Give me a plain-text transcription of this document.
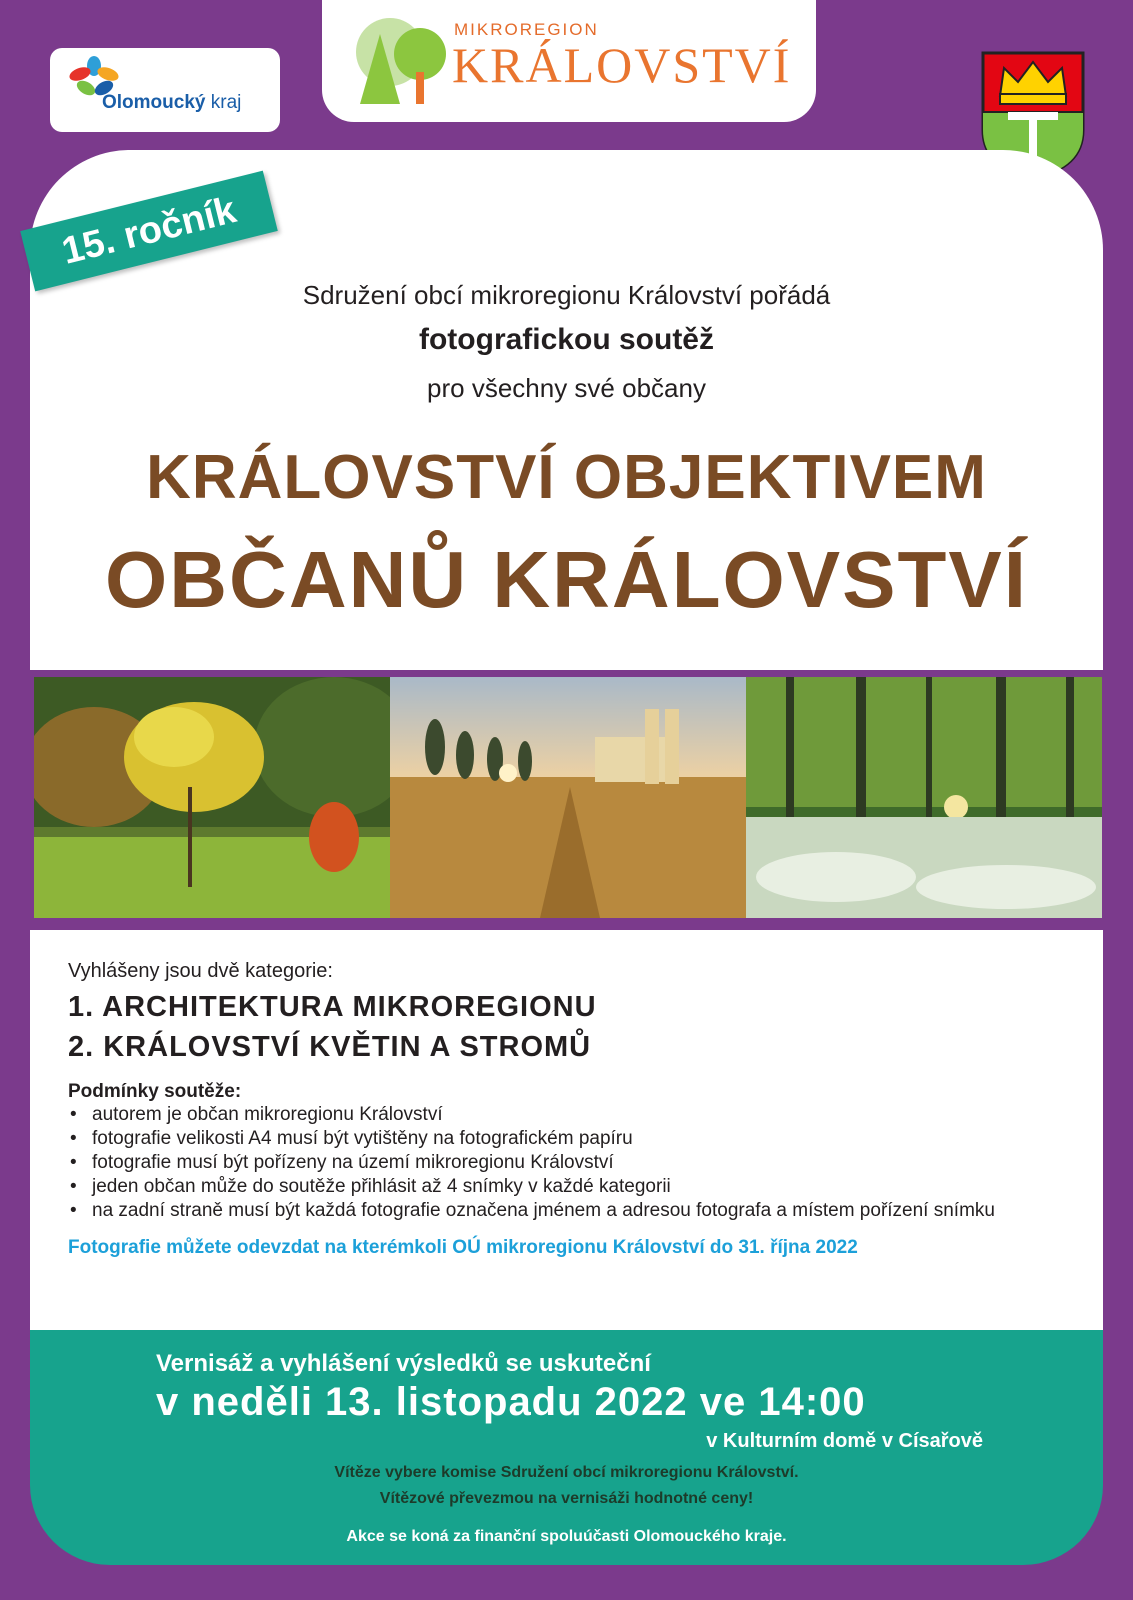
Olomoucký kraj
MIKROREGION
KRÁLOVSTVÍ
15. ročník
Sdružení obcí mikroregionu Království pořádá
fotografickou soutěž
pro všechny své občany
KRÁLOVSTVÍ OBJEKTIVEM
OBČANŮ KRÁLOVSTVÍ
Vyhlášeny jsou dvě kategorie:
1. ARCHITEKTURA MIKROREGIONU
2. KRÁLOVSTVÍ KVĚTIN A STROMŮ
Podmínky soutěže:
• autorem je občan mikroregionu Království
• fotografie velikosti A4 musí být vytištěny na fotografickém papíru
• fotografie musí být pořízeny na území mikroregionu Království
• jeden občan může do soutěže přihlásit až 4 snímky v každé kategorii
• na zadní straně musí být každá fotografie označena jménem a adresou fotografa a místem pořízení snímku
Fotografie můžete odevzdat na kterémkoli OÚ mikroregionu Království do 31. října 2022
Vernisáž a vyhlášení výsledků se uskuteční
v neděli 13. listopadu 2022 ve 14:00
v Kulturním domě v Císařově
Vítěze vybere komise Sdružení obcí mikroregionu Království.
Vítězové převezmou na vernisáži hodnotné ceny!
Akce se koná za finanční spoluúčasti Olomouckého kraje.
